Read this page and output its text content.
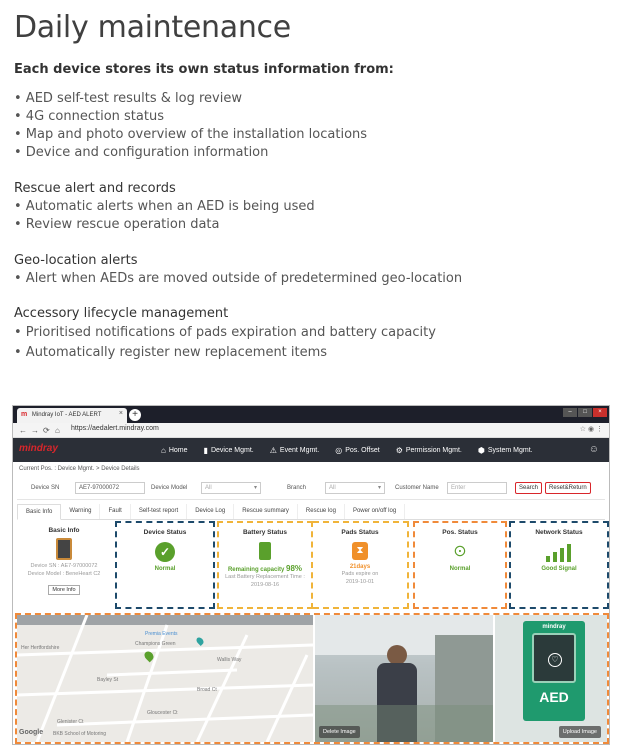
Daily maintenance
Each device stores its own status information from:
• AED self-test results & log review
• 4G connection status
• Map and photo overview of the installation locations
• Device and configuration information
Rescue alert and records
• Automatic alerts when an AED is being used
• Review rescue operation data
Geo-location alerts
• Alert when AEDs are moved outside of predetermined geo-location
Accessory lifecycle management
• Prioritised notifications of pads expiration and battery capacity
• Automatically register new replacement items
m Mindray IoT - AED ALERT	× +	–	□	×
← → ⟳ ⌂ https://aedalert.mindray.com	☆ ◉ ⋮
mindray	⌂ Home ▮ Device Mgmt. ⚠ Event Mgmt. ◎ Pos. Offset ⚙ Permission Mgmt. ⬢ System Mgmt.	☺
Current Pos. : Device Mgmt. > Device Details
Device SN	AE7-97000072	Device Model	All ▾	Branch	All ▾	Customer Name	Enter	Search	Reset&Return
Basic Info	Warning	Fault	Self-test report	Device Log	Rescue summary	Rescue log	Power on/off log
Basic Info
Device SN : AE7-97000072
Device Model : BeneHeart C2
More Info
Device Status
✓
Normal
Battery Status
Remaining capacity 98%
Last Battery Replacement Time :
2019-08-16
Pads Status
⧗
21days
Pads expire on
2019-10-01
Pos. Status
⊙
Normal
Network Status
Good Signal
Premia Events
Champions Green
Wallis Way
Her Hertfordshire
Bayley St
Broad Ct
Gloucester Ct
Glenister Ct
BKB School of Motoring
Google	Delete Image
mindray
♡
AED
Upload Image
